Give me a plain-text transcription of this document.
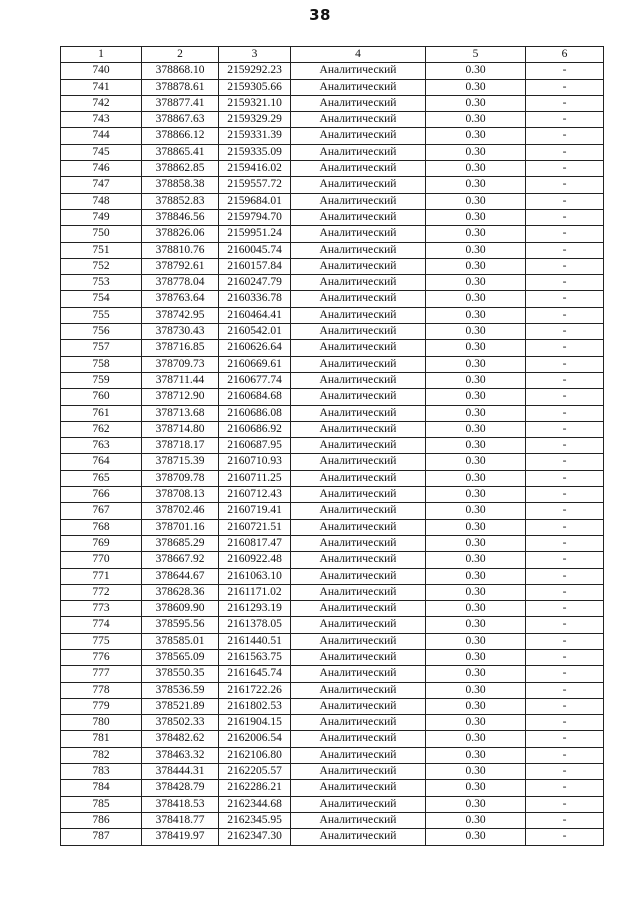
38
1	2	3	4	5	6
740	378868.10	2159292.23	Аналитический	0.30	-
741	378878.61	2159305.66	Аналитический	0.30	-
742	378877.41	2159321.10	Аналитический	0.30	-
743	378867.63	2159329.29	Аналитический	0.30	-
744	378866.12	2159331.39	Аналитический	0.30	-
745	378865.41	2159335.09	Аналитический	0.30	-
746	378862.85	2159416.02	Аналитический	0.30	-
747	378858.38	2159557.72	Аналитический	0.30	-
748	378852.83	2159684.01	Аналитический	0.30	-
749	378846.56	2159794.70	Аналитический	0.30	-
750	378826.06	2159951.24	Аналитический	0.30	-
751	378810.76	2160045.74	Аналитический	0.30	-
752	378792.61	2160157.84	Аналитический	0.30	-
753	378778.04	2160247.79	Аналитический	0.30	-
754	378763.64	2160336.78	Аналитический	0.30	-
755	378742.95	2160464.41	Аналитический	0.30	-
756	378730.43	2160542.01	Аналитический	0.30	-
757	378716.85	2160626.64	Аналитический	0.30	-
758	378709.73	2160669.61	Аналитический	0.30	-
759	378711.44	2160677.74	Аналитический	0.30	-
760	378712.90	2160684.68	Аналитический	0.30	-
761	378713.68	2160686.08	Аналитический	0.30	-
762	378714.80	2160686.92	Аналитический	0.30	-
763	378718.17	2160687.95	Аналитический	0.30	-
764	378715.39	2160710.93	Аналитический	0.30	-
765	378709.78	2160711.25	Аналитический	0.30	-
766	378708.13	2160712.43	Аналитический	0.30	-
767	378702.46	2160719.41	Аналитический	0.30	-
768	378701.16	2160721.51	Аналитический	0.30	-
769	378685.29	2160817.47	Аналитический	0.30	-
770	378667.92	2160922.48	Аналитический	0.30	-
771	378644.67	2161063.10	Аналитический	0.30	-
772	378628.36	2161171.02	Аналитический	0.30	-
773	378609.90	2161293.19	Аналитический	0.30	-
774	378595.56	2161378.05	Аналитический	0.30	-
775	378585.01	2161440.51	Аналитический	0.30	-
776	378565.09	2161563.75	Аналитический	0.30	-
777	378550.35	2161645.74	Аналитический	0.30	-
778	378536.59	2161722.26	Аналитический	0.30	-
779	378521.89	2161802.53	Аналитический	0.30	-
780	378502.33	2161904.15	Аналитический	0.30	-
781	378482.62	2162006.54	Аналитический	0.30	-
782	378463.32	2162106.80	Аналитический	0.30	-
783	378444.31	2162205.57	Аналитический	0.30	-
784	378428.79	2162286.21	Аналитический	0.30	-
785	378418.53	2162344.68	Аналитический	0.30	-
786	378418.77	2162345.95	Аналитический	0.30	-
787	378419.97	2162347.30	Аналитический	0.30	-
